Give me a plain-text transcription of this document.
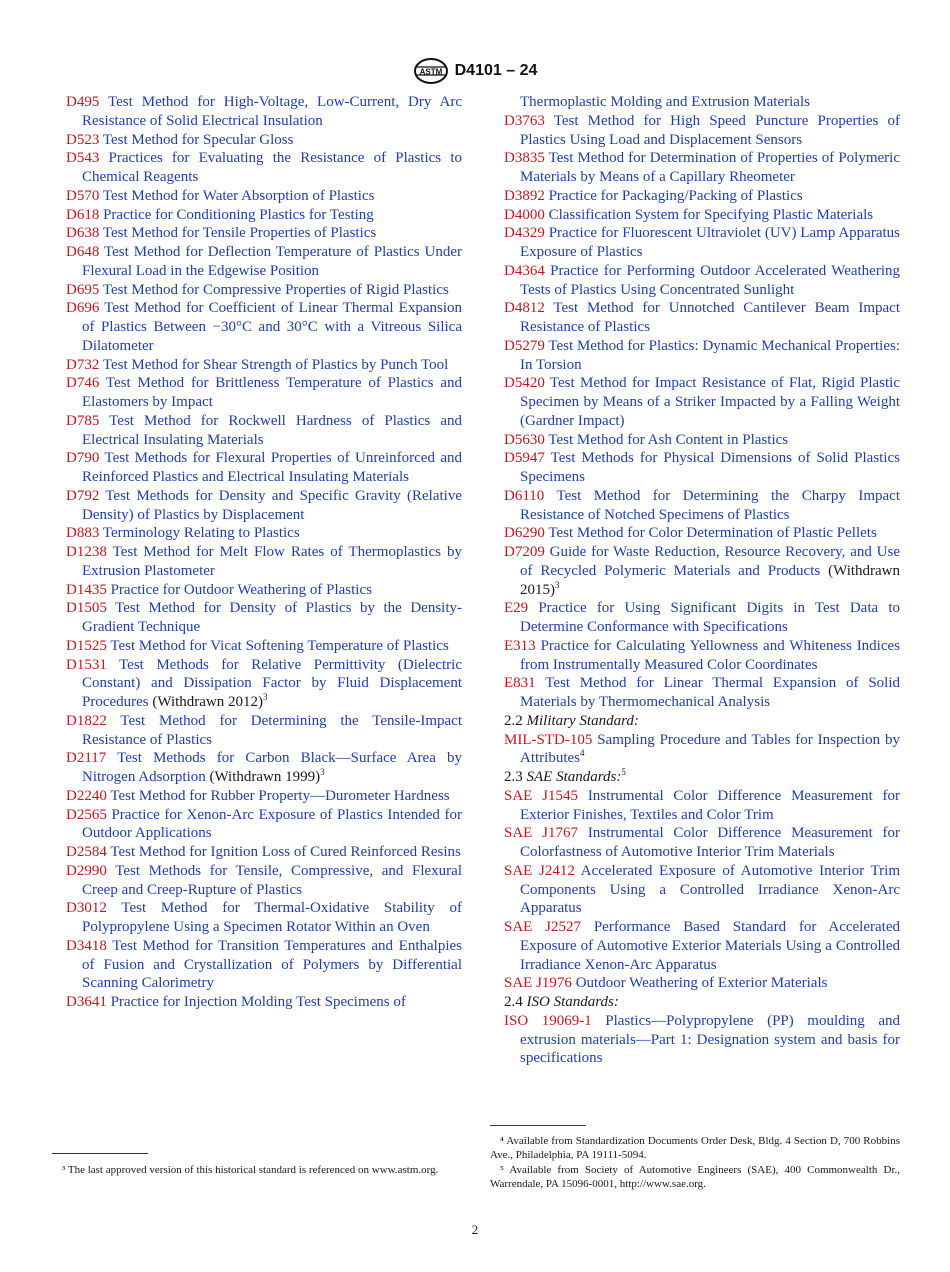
ASTM D4101 – 24

D495 Test Method for High-Voltage, Low-Current, Dry Arc Resistance of Solid Electrical Insulation

D523 Test Method for Specular Gloss

D543 Practices for Evaluating the Resistance of Plastics to Chemical Reagents

D570 Test Method for Water Absorption of Plastics

D618 Practice for Conditioning Plastics for Testing

D638 Test Method for Tensile Properties of Plastics

D648 Test Method for Deflection Temperature of Plastics Under Flexural Load in the Edgewise Position

D695 Test Method for Compressive Properties of Rigid Plastics

D696 Test Method for Coefficient of Linear Thermal Expansion of Plastics Between −30°C and 30°C with a Vitreous Silica Dilatometer

D732 Test Method for Shear Strength of Plastics by Punch Tool

D746 Test Method for Brittleness Temperature of Plastics and Elastomers by Impact

D785 Test Method for Rockwell Hardness of Plastics and Electrical Insulating Materials

D790 Test Methods for Flexural Properties of Unreinforced and Reinforced Plastics and Electrical Insulating Materials

D792 Test Methods for Density and Specific Gravity (Relative Density) of Plastics by Displacement

D883 Terminology Relating to Plastics

D1238 Test Method for Melt Flow Rates of Thermoplastics by Extrusion Plastometer

D1435 Practice for Outdoor Weathering of Plastics

D1505 Test Method for Density of Plastics by the Density-Gradient Technique

D1525 Test Method for Vicat Softening Temperature of Plastics

D1531 Test Methods for Relative Permittivity (Dielectric Constant) and Dissipation Factor by Fluid Displacement Procedures (Withdrawn 2012)$^3$

D1822 Test Method for Determining the Tensile-Impact Resistance of Plastics

D2117 Test Methods for Carbon Black—Surface Area by Nitrogen Adsorption (Withdrawn 1999)$^3$

D2240 Test Method for Rubber Property—Durometer Hardness

D2565 Practice for Xenon-Arc Exposure of Plastics Intended for Outdoor Applications

D2584 Test Method for Ignition Loss of Cured Reinforced Resins

D2990 Test Methods for Tensile, Compressive, and Flexural Creep and Creep-Rupture of Plastics

D3012 Test Method for Thermal-Oxidative Stability of Polypropylene Using a Specimen Rotator Within an Oven

D3418 Test Method for Transition Temperatures and Enthalpies of Fusion and Crystallization of Polymers by Differential Scanning Calorimetry

D3641 Practice for Injection Molding Test Specimens of

Thermoplastic Molding and Extrusion Materials

D3763 Test Method for High Speed Puncture Properties of Plastics Using Load and Displacement Sensors

D3835 Test Method for Determination of Properties of Polymeric Materials by Means of a Capillary Rheometer

D3892 Practice for Packaging/Packing of Plastics

D4000 Classification System for Specifying Plastic Materials

D4329 Practice for Fluorescent Ultraviolet (UV) Lamp Apparatus Exposure of Plastics

D4364 Practice for Performing Outdoor Accelerated Weathering Tests of Plastics Using Concentrated Sunlight

D4812 Test Method for Unnotched Cantilever Beam Impact Resistance of Plastics

D5279 Test Method for Plastics: Dynamic Mechanical Properties: In Torsion

D5420 Test Method for Impact Resistance of Flat, Rigid Plastic Specimen by Means of a Striker Impacted by a Falling Weight (Gardner Impact)

D5630 Test Method for Ash Content in Plastics

D5947 Test Methods for Physical Dimensions of Solid Plastics Specimens

D6110 Test Method for Determining the Charpy Impact Resistance of Notched Specimens of Plastics

D6290 Test Method for Color Determination of Plastic Pellets

D7209 Guide for Waste Reduction, Resource Recovery, and Use of Recycled Polymeric Materials and Products (Withdrawn 2015)$^3$

E29 Practice for Using Significant Digits in Test Data to Determine Conformance with Specifications

E313 Practice for Calculating Yellowness and Whiteness Indices from Instrumentally Measured Color Coordinates

E831 Test Method for Linear Thermal Expansion of Solid Materials by Thermomechanical Analysis

2.2 Military Standard:

MIL-STD-105 Sampling Procedure and Tables for Inspection by Attributes$^4$

2.3 SAE Standards:$^5$

SAE J1545 Instrumental Color Difference Measurement for Exterior Finishes, Textiles and Color Trim

SAE J1767 Instrumental Color Difference Measurement for Colorfastness of Automotive Interior Trim Materials

SAE J2412 Accelerated Exposure of Automotive Interior Trim Components Using a Controlled Irradiance Xenon-Arc Apparatus

SAE J2527 Performance Based Standard for Accelerated Exposure of Automotive Exterior Materials Using a Controlled Irradiance Xenon-Arc Apparatus

SAE J1976 Outdoor Weathering of Exterior Materials

2.4 ISO Standards:

ISO 19069-1 Plastics—Polypropylene (PP) moulding and extrusion materials—Part 1: Designation system and basis for specifications

³ The last approved version of this historical standard is referenced on www.astm.org.

⁴ Available from Standardization Documents Order Desk, Bldg. 4 Section D, 700 Robbins Ave., Philadelphia, PA 19111-5094.

⁵ Available from Society of Automotive Engineers (SAE), 400 Commonwealth Dr., Warrendale, PA 15096-0001, http://www.sae.org.

2
